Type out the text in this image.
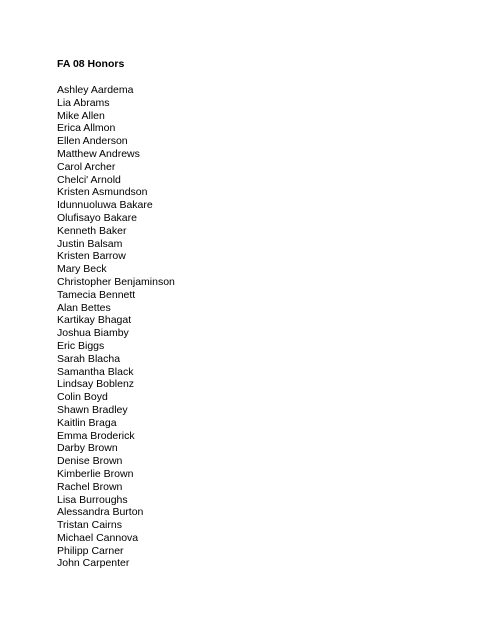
FA 08 Honors
Ashley Aardema
Lia Abrams
Mike Allen
Erica Allmon
Ellen Anderson
Matthew Andrews
Carol Archer
Chelci' Arnold
Kristen Asmundson
Idunnuoluwa Bakare
Olufisayo Bakare
Kenneth Baker
Justin Balsam
Kristen Barrow
Mary Beck
Christopher Benjaminson
Tamecia Bennett
Alan Bettes
Kartikay Bhagat
Joshua Biamby
Eric Biggs
Sarah Blacha
Samantha Black
Lindsay Boblenz
Colin Boyd
Shawn Bradley
Kaitlin Braga
Emma Broderick
Darby Brown
Denise Brown
Kimberlie Brown
Rachel Brown
Lisa Burroughs
Alessandra Burton
Tristan Cairns
Michael Cannova
Philipp Carner
John Carpenter
